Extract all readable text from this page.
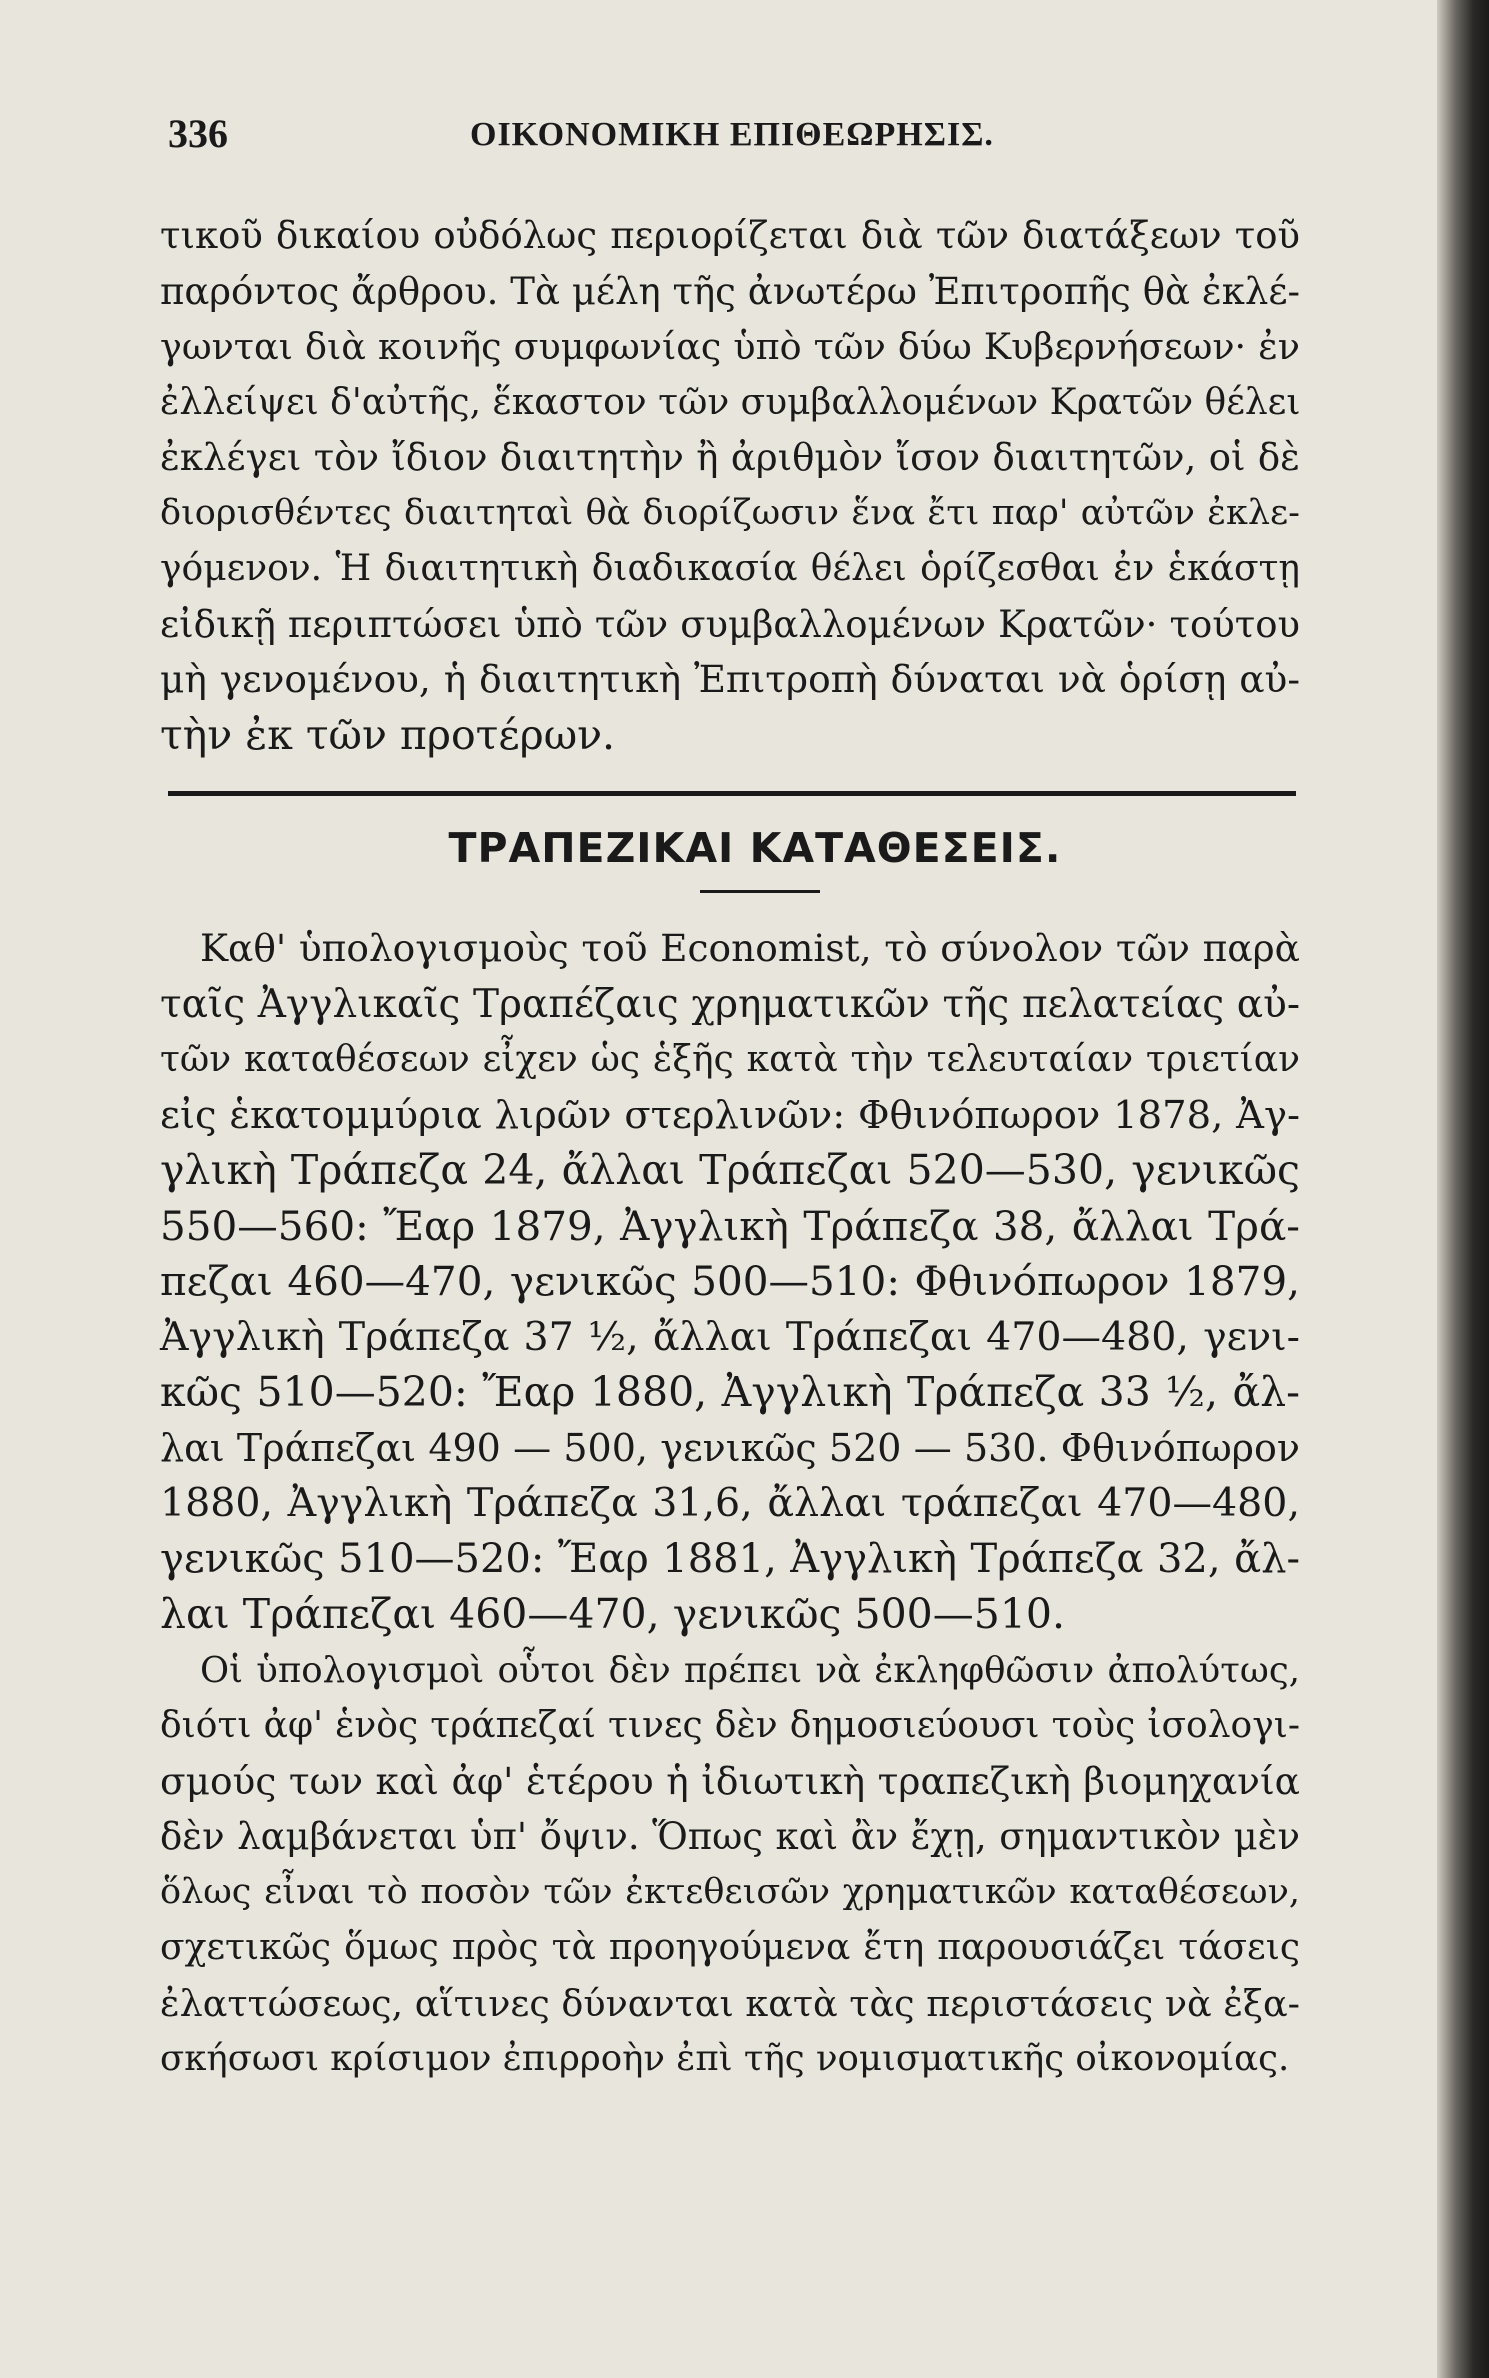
336	ΟΙΚΟΝΟΜΙΚΗ ΕΠΙΘΕΩΡΗΣΙΣ.
τικοῦ δικαίου οὐδόλως περιορίζεται διὰ τῶν διατάξεων τοῦ
παρόντος ἄρθρου. Τὰ μέλη τῆς ἀνωτέρω Ἐπιτροπῆς θὰ ἐκλέ-
γωνται διὰ κοινῆς συμφωνίας ὑπὸ τῶν δύω Κυβερνήσεων· ἐν
ἐλλείψει δ'αὐτῆς, ἕκαστον τῶν συμβαλλομένων Κρατῶν θέλει
ἐκλέγει τὸν ἴδιον διαιτητὴν ἢ ἀριθμὸν ἴσον διαιτητῶν, οἱ δὲ
διορισθέντες διαιτηταὶ θὰ διορίζωσιν ἕνα ἔτι παρ' αὐτῶν ἐκλε-
γόμενον. Ἡ διαιτητικὴ διαδικασία θέλει ὁρίζεσθαι ἐν ἑκάστῃ
εἰδικῇ περιπτώσει ὑπὸ τῶν συμβαλλομένων Κρατῶν· τούτου
μὴ γενομένου, ἡ διαιτητικὴ Ἐπιτροπὴ δύναται νὰ ὁρίσῃ αὐ-
τὴν ἐκ τῶν προτέρων.
ΤΡΑΠΕΖΙΚΑΙ ΚΑΤΑΘΕΣΕΙΣ.
Καθ' ὑπολογισμοὺς τοῦ Economist, τὸ σύνολον τῶν παρὰ
ταῖς Ἀγγλικαῖς Τραπέζαις χρηματικῶν τῆς πελατείας αὐ-
τῶν καταθέσεων εἶχεν ὡς ἑξῆς κατὰ τὴν τελευταίαν τριετίαν
εἰς ἑκατομμύρια λιρῶν στερλινῶν: Φθινόπωρον 1878, Ἀγ-
γλικὴ Τράπεζα 24, ἄλλαι Τράπεζαι 520—530, γενικῶς
550—560: Ἔαρ 1879, Ἀγγλικὴ Τράπεζα 38, ἄλλαι Τρά-
πεζαι 460—470, γενικῶς 500—510: Φθινόπωρον 1879,
Ἀγγλικὴ Τράπεζα 37 ½, ἄλλαι Τράπεζαι 470—480, γενι-
κῶς 510—520: Ἔαρ 1880, Ἀγγλικὴ Τράπεζα 33 ½, ἄλ-
λαι Τράπεζαι 490 — 500, γενικῶς 520 — 530. Φθινόπωρον
1880, Ἀγγλικὴ Τράπεζα 31,6, ἄλλαι τράπεζαι 470—480,
γενικῶς 510—520: Ἔαρ 1881, Ἀγγλικὴ Τράπεζα 32, ἄλ-
λαι Τράπεζαι 460—470, γενικῶς 500—510.
Οἱ ὑπολογισμοὶ οὗτοι δὲν πρέπει νὰ ἐκληφθῶσιν ἀπολύτως,
διότι ἀφ' ἑνὸς τράπεζαί τινες δὲν δημοσιεύουσι τοὺς ἰσολογι-
σμούς των καὶ ἀφ' ἑτέρου ἡ ἰδιωτικὴ τραπεζικὴ βιομηχανία
δὲν λαμβάνεται ὑπ' ὄψιν. Ὅπως καὶ ἂν ἔχῃ, σημαντικὸν μὲν
ὅλως εἶναι τὸ ποσὸν τῶν ἐκτεθεισῶν χρηματικῶν καταθέσεων,
σχετικῶς ὅμως πρὸς τὰ προηγούμενα ἔτη παρουσιάζει τάσεις
ἐλαττώσεως, αἵτινες δύνανται κατὰ τὰς περιστάσεις νὰ ἐξα-
σκήσωσι κρίσιμον ἐπιρροὴν ἐπὶ τῆς νομισματικῆς οἰκονομίας.
